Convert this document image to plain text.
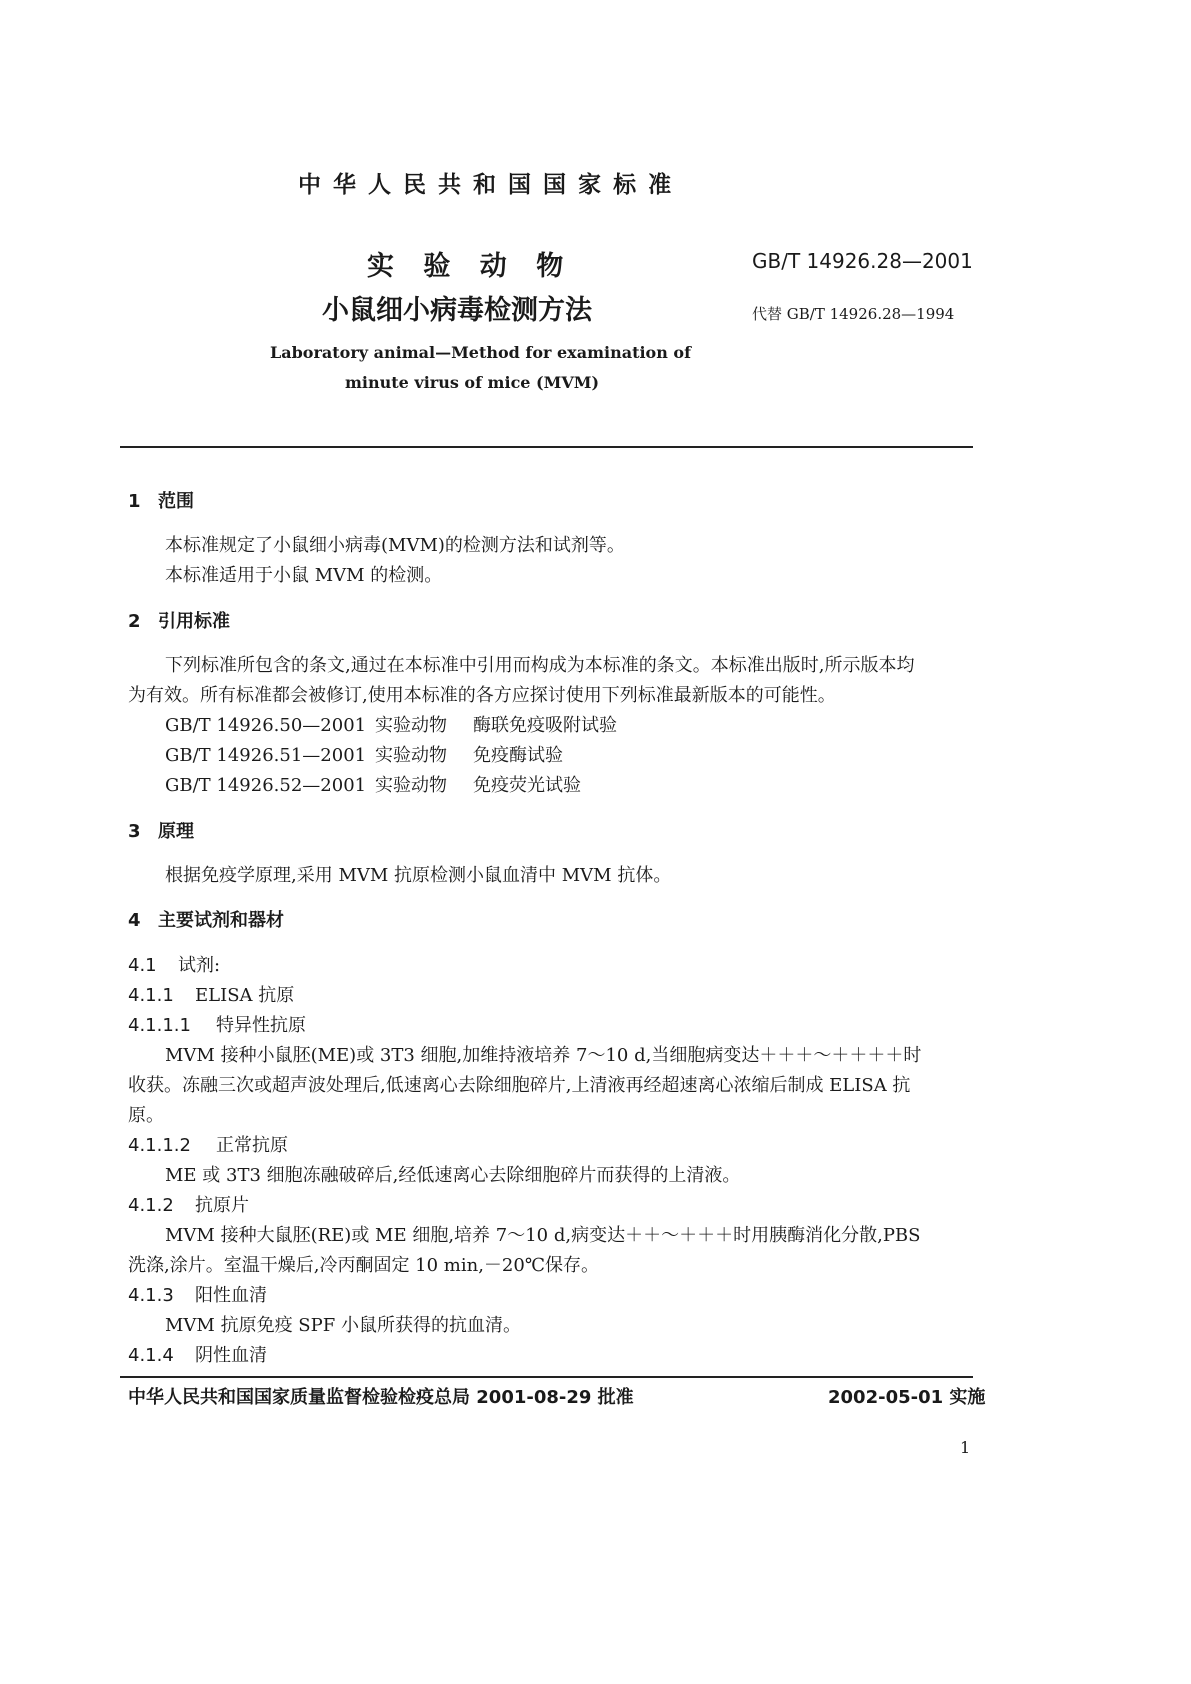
中 华 人 民 共 和 国 国 家 标 准
实 验 动 物
小鼠细小病毒检测方法
GB/T 14926.28—2001
代替 GB/T 14926.28—1994
Laboratory animal—Method for examination of
minute virus of mice (MVM)
1 范围
本标准规定了小鼠细小病毒(MVM)的检测方法和试剂等。
本标准适用于小鼠 MVM 的检测。
2 引用标准
下列标准所包含的条文,通过在本标准中引用而构成为本标准的条文。本标准出版时,所示版本均
为有效。所有标准都会被修订,使用本标准的各方应探讨使用下列标准最新版本的可能性。
GB/T 14926.50—2001 实验动物 酶联免疫吸附试验
GB/T 14926.51—2001 实验动物 免疫酶试验
GB/T 14926.52—2001 实验动物 免疫荧光试验
3 原理
根据免疫学原理,采用 MVM 抗原检测小鼠血清中 MVM 抗体。
4 主要试剂和器材
4.1 试剂:
4.1.1 ELISA 抗原
4.1.1.1 特异性抗原
MVM 接种小鼠胚(ME)或 3T3 细胞,加维持液培养 7～10 d,当细胞病变达＋＋＋～＋＋＋＋时
收获。冻融三次或超声波处理后,低速离心去除细胞碎片,上清液再经超速离心浓缩后制成 ELISA 抗
原。
4.1.1.2 正常抗原
ME 或 3T3 细胞冻融破碎后,经低速离心去除细胞碎片而获得的上清液。
4.1.2 抗原片
MVM 接种大鼠胚(RE)或 ME 细胞,培养 7～10 d,病变达＋＋～＋＋＋时用胰酶消化分散,PBS
洗涤,涂片。室温干燥后,冷丙酮固定 10 min,－20℃保存。
4.1.3 阳性血清
MVM 抗原免疫 SPF 小鼠所获得的抗血清。
4.1.4 阴性血清
中华人民共和国国家质量监督检验检疫总局 2001-08-29 批准	2002-05-01 实施
1
